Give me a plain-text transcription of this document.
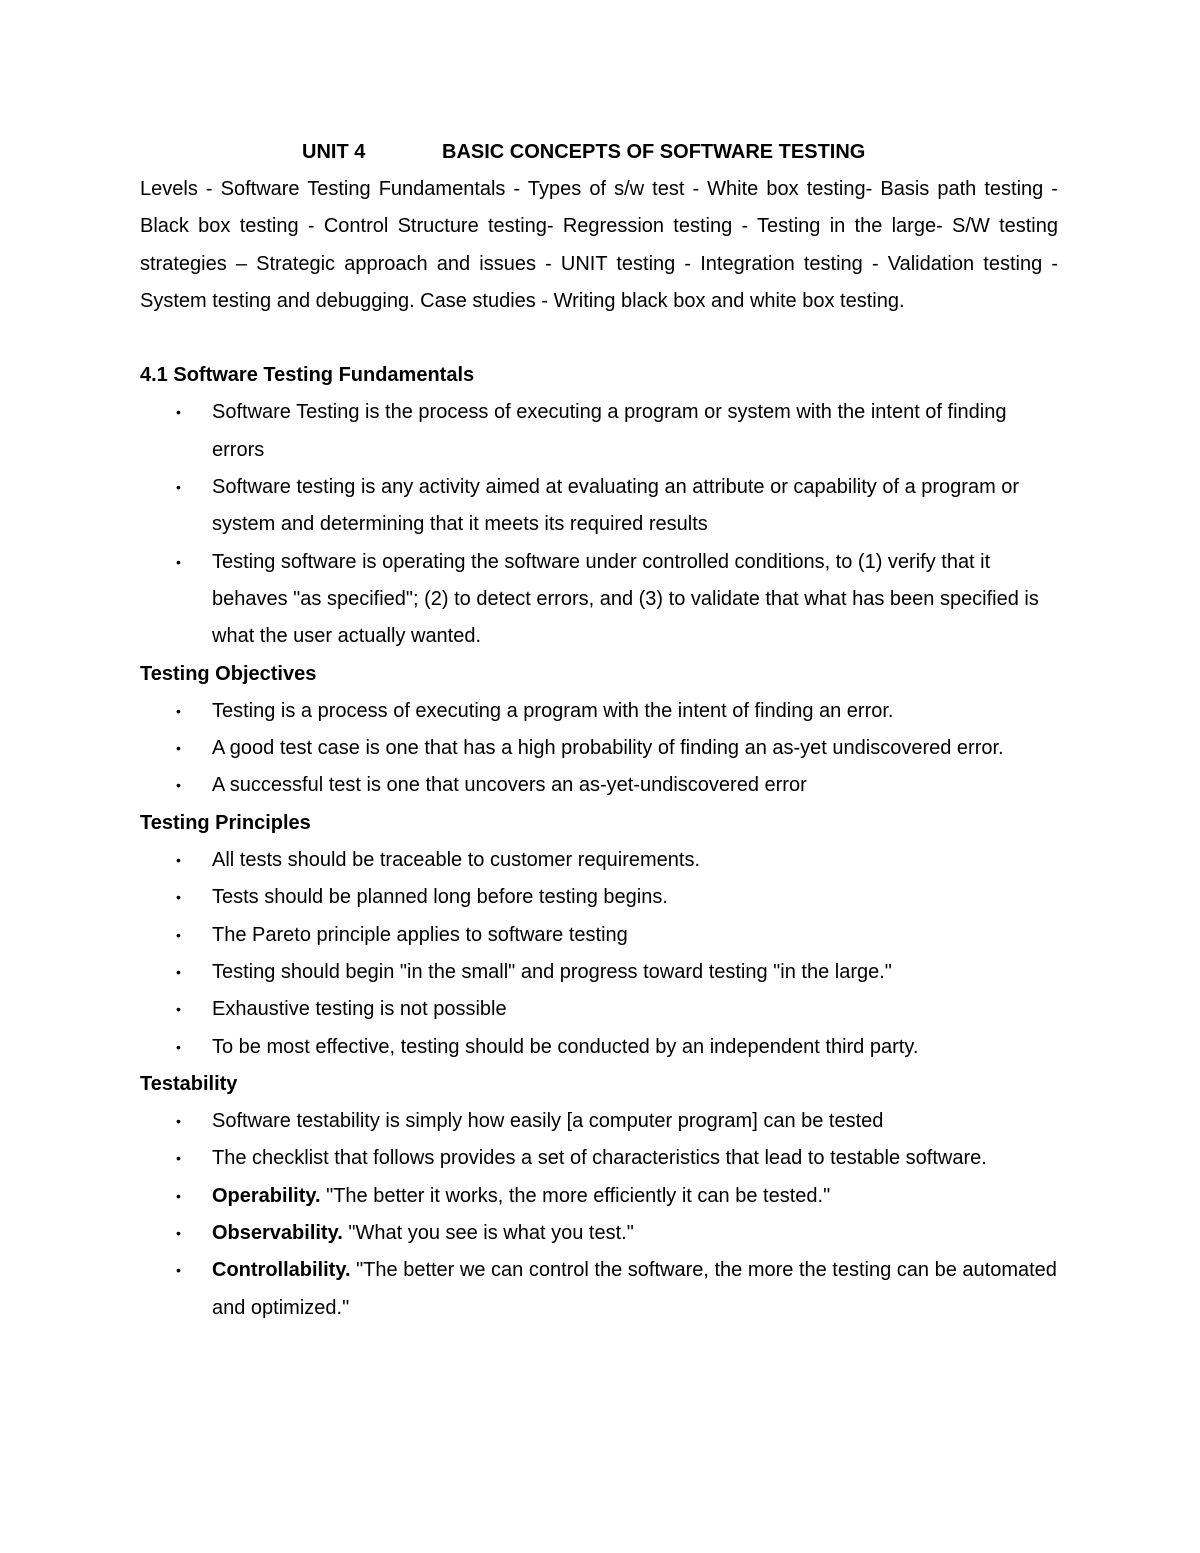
UNIT 4	BASIC CONCEPTS OF SOFTWARE TESTING

Levels - Software Testing Fundamentals - Types of s/w test - White box testing- Basis path testing - Black box testing - Control Structure testing- Regression testing - Testing in the large- S/W testing strategies – Strategic approach and issues - UNIT testing - Integration testing - Validation testing - System testing and debugging. Case studies - Writing black box and white box testing.

4.1 Software Testing Fundamentals
• Software Testing is the process of executing a program or system with the intent of finding errors
• Software testing is any activity aimed at evaluating an attribute or capability of a program or system and determining that it meets its required results
• Testing software is operating the software under controlled conditions, to (1) verify that it behaves "as specified"; (2) to detect errors, and (3) to validate that what has been specified is what the user actually wanted.
Testing Objectives
• Testing is a process of executing a program with the intent of finding an error.
• A good test case is one that has a high probability of finding an as-yet undiscovered error.
• A successful test is one that uncovers an as-yet-undiscovered error
Testing Principles
• All tests should be traceable to customer requirements.
• Tests should be planned long before testing begins.
• The Pareto principle applies to software testing
• Testing should begin "in the small" and progress toward testing "in the large."
• Exhaustive testing is not possible
• To be most effective, testing should be conducted by an independent third party.
Testability
• Software testability is simply how easily [a computer program] can be tested
• The checklist that follows provides a set of characteristics that lead to testable software.
• Operability. "The better it works, the more efficiently it can be tested."
• Observability. "What you see is what you test."
• Controllability. "The better we can control the software, the more the testing can be automated and optimized."
